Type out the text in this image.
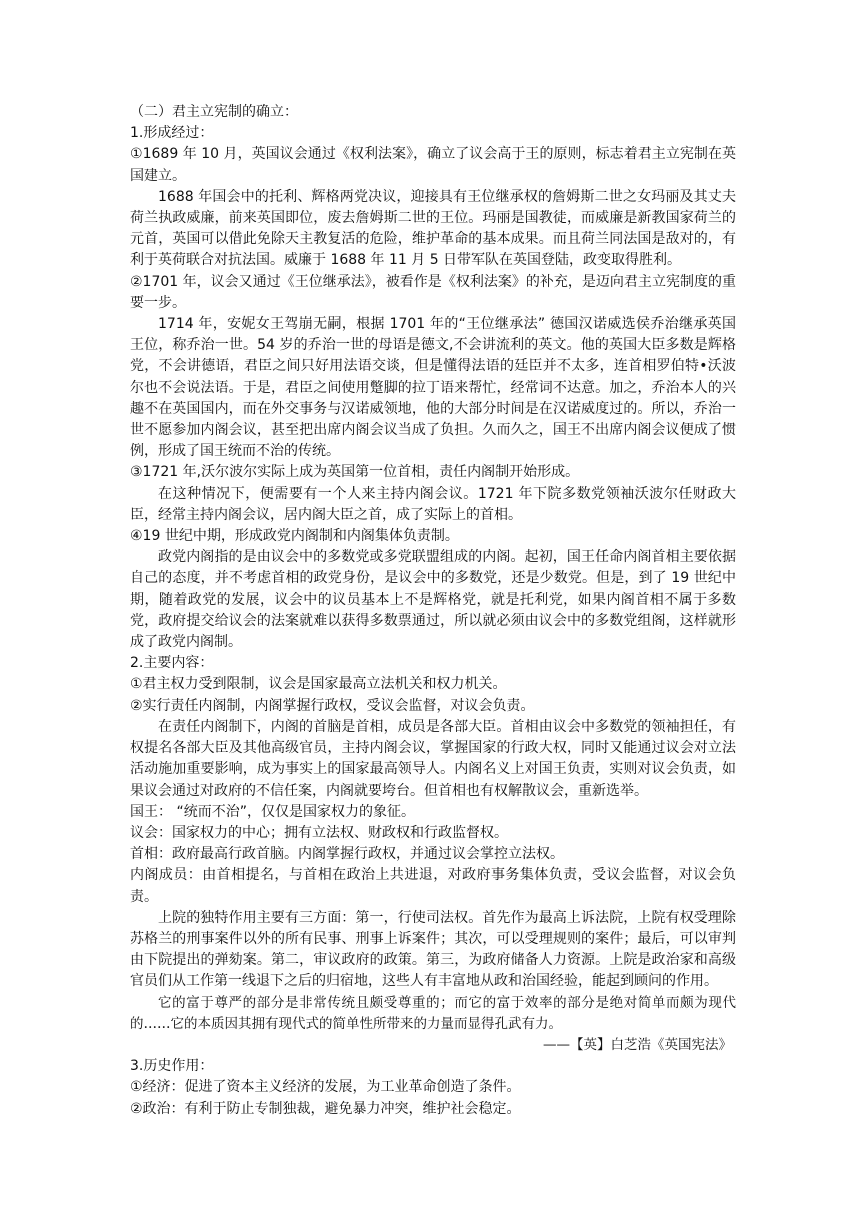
（二）君主立宪制的确立：

1.形成经过：

①1689 年 10 月，英国议会通过《权利法案》，确立了议会高于王的原则，标志着君主立宪制在英国建立。

1688 年国会中的托利、辉格两党决议，迎接具有王位继承权的詹姆斯二世之女玛丽及其丈夫荷兰执政威廉，前来英国即位，废去詹姆斯二世的王位。玛丽是国教徒，而威廉是新教国家荷兰的元首，英国可以借此免除天主教复活的危险，维护革命的基本成果。而且荷兰同法国是敌对的，有利于英荷联合对抗法国。威廉于 1688 年 11 月 5 日带军队在英国登陆，政变取得胜利。

②1701 年，议会又通过《王位继承法》，被看作是《权利法案》的补充，是迈向君主立宪制度的重要一步。

1714 年，安妮女王驾崩无嗣，根据 1701 年的“王位继承法” 德国汉诺威选侯乔治继承英国王位，称乔治一世。54 岁的乔治一世的母语是德文,不会讲流利的英文。他的英国大臣多数是辉格党，不会讲德语，君臣之间只好用法语交谈，但是懂得法语的廷臣并不太多，连首相罗伯特•沃波尔也不会说法语。于是，君臣之间使用蹩脚的拉丁语来帮忙，经常词不达意。加之，乔治本人的兴趣不在英国国内，而在外交事务与汉诺威领地，他的大部分时间是在汉诺威度过的。所以，乔治一世不愿参加内阁会议，甚至把出席内阁会议当成了负担。久而久之，国王不出席内阁会议便成了惯例，形成了国王统而不治的传统。

③1721 年,沃尔波尔实际上成为英国第一位首相，责任内阁制开始形成。

在这种情况下，便需要有一个人来主持内阁会议。1721 年下院多数党领袖沃波尔任财政大臣，经常主持内阁会议，居内阁大臣之首，成了实际上的首相。

④19 世纪中期，形成政党内阁制和内阁集体负责制。

政党内阁指的是由议会中的多数党或多党联盟组成的内阁。起初，国王任命内阁首相主要依据自己的态度，并不考虑首相的政党身份，是议会中的多数党，还是少数党。但是，到了 19 世纪中期，随着政党的发展，议会中的议员基本上不是辉格党，就是托利党，如果内阁首相不属于多数党，政府提交给议会的法案就难以获得多数票通过，所以就必须由议会中的多数党组阁，这样就形成了政党内阁制。

2.主要内容：

①君主权力受到限制，议会是国家最高立法机关和权力机关。

②实行责任内阁制，内阁掌握行政权，受议会监督，对议会负责。

在责任内阁制下，内阁的首脑是首相，成员是各部大臣。首相由议会中多数党的领袖担任，有权提名各部大臣及其他高级官员，主持内阁会议，掌握国家的行政大权，同时又能通过议会对立法活动施加重要影响，成为事实上的国家最高领导人。内阁名义上对国王负责，实则对议会负责，如果议会通过对政府的不信任案，内阁就要垮台。但首相也有权解散议会，重新选举。

国王： “统而不治”，仅仅是国家权力的象征。

议会：国家权力的中心；拥有立法权、财政权和行政监督权。

首相：政府最高行政首脑。内阁掌握行政权，并通过议会掌控立法权。

内阁成员：由首相提名，与首相在政治上共进退，对政府事务集体负责，受议会监督，对议会负责。

上院的独特作用主要有三方面：第一，行使司法权。首先作为最高上诉法院，上院有权受理除苏格兰的刑事案件以外的所有民事、刑事上诉案件；其次，可以受理规则的案件；最后，可以审判由下院提出的弹劾案。第二，审议政府的政策。第三，为政府储备人力资源。上院是政治家和高级官员们从工作第一线退下之后的归宿地，这些人有丰富地从政和治国经验，能起到顾问的作用。

它的富于尊严的部分是非常传统且颇受尊重的；而它的富于效率的部分是绝对简单而颇为现代的……它的本质因其拥有现代式的简单性所带来的力量而显得孔武有力。

——【英】白芝浩《英国宪法》

3.历史作用：

①经济：促进了资本主义经济的发展，为工业革命创造了条件。

②政治：有利于防止专制独裁，避免暴力冲突，维护社会稳定。
